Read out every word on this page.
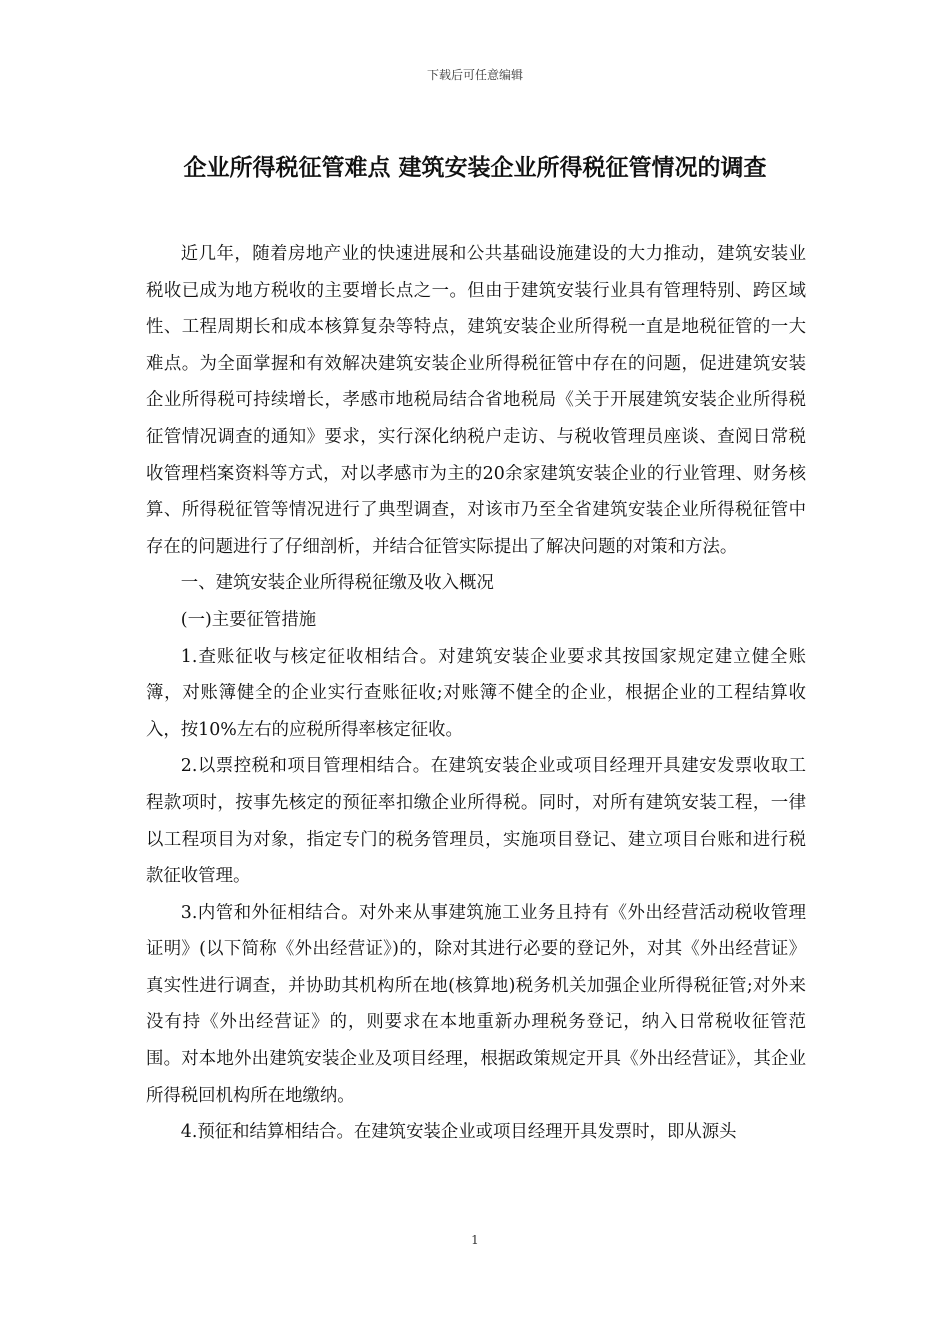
下载后可任意编辑
企业所得税征管难点 建筑安装企业所得税征管情况的调查

近几年，随着房地产业的快速进展和公共基础设施建设的大力推动，建筑安装业税收已成为地方税收的主要增长点之一。但由于建筑安装行业具有管理特别、跨区域性、工程周期长和成本核算复杂等特点，建筑安装企业所得税一直是地税征管的一大难点。为全面掌握和有效解决建筑安装企业所得税征管中存在的问题，促进建筑安装企业所得税可持续增长，孝感市地税局结合省地税局《关于开展建筑安装企业所得税征管情况调查的通知》要求，实行深化纳税户走访、与税收管理员座谈、查阅日常税收管理档案资料等方式，对以孝感市为主的20余家建筑安装企业的行业管理、财务核算、所得税征管等情况进行了典型调查，对该市乃至全省建筑安装企业所得税征管中存在的问题进行了仔细剖析，并结合征管实际提出了解决问题的对策和方法。

一、建筑安装企业所得税征缴及收入概况

(一)主要征管措施

1.查账征收与核定征收相结合。对建筑安装企业要求其按国家规定建立健全账簿，对账簿健全的企业实行查账征收;对账簿不健全的企业，根据企业的工程结算收入，按10%左右的应税所得率核定征收。

2.以票控税和项目管理相结合。在建筑安装企业或项目经理开具建安发票收取工程款项时，按事先核定的预征率扣缴企业所得税。同时，对所有建筑安装工程，一律以工程项目为对象，指定专门的税务管理员，实施项目登记、建立项目台账和进行税款征收管理。

3.内管和外征相结合。对外来从事建筑施工业务且持有《外出经营活动税收管理证明》(以下简称《外出经营证》)的，除对其进行必要的登记外，对其《外出经营证》真实性进行调查，并协助其机构所在地(核算地)税务机关加强企业所得税征管;对外来没有持《外出经营证》的，则要求在本地重新办理税务登记，纳入日常税收征管范围。对本地外出建筑安装企业及项目经理，根据政策规定开具《外出经营证》，其企业所得税回机构所在地缴纳。

4.预征和结算相结合。在建筑安装企业或项目经理开具发票时，即从源头

1
